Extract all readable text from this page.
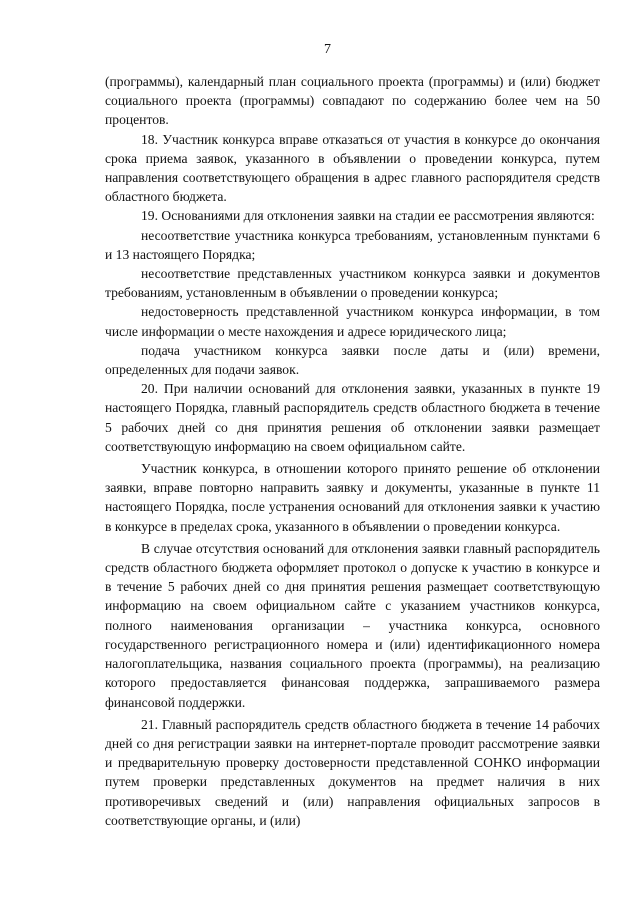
7

(программы), календарный план социального проекта (программы) и (или) бюджет социального проекта (программы) совпадают по содержанию более чем на 50 процентов.

18. Участник конкурса вправе отказаться от участия в конкурсе до окончания срока приема заявок, указанного в объявлении о проведении конкурса, путем направления соответствующего обращения в адрес главного распорядителя средств областного бюджета.

19. Основаниями для отклонения заявки на стадии ее рассмотрения являются:

несоответствие участника конкурса требованиям, установленным пунктами 6 и 13 настоящего Порядка;

несоответствие представленных участником конкурса заявки и документов требованиям, установленным в объявлении о проведении конкурса;

недостоверность представленной участником конкурса информации, в том числе информации о месте нахождения и адресе юридического лица;

подача участником конкурса заявки после даты и (или) времени, определенных для подачи заявок.

20. При наличии оснований для отклонения заявки, указанных в пункте 19 настоящего Порядка, главный распорядитель средств областного бюджета в течение 5 рабочих дней со дня принятия решения об отклонении заявки размещает соответствующую информацию на своем официальном сайте.

Участник конкурса, в отношении которого принято решение об отклонении заявки, вправе повторно направить заявку и документы, указанные в пункте 11 настоящего Порядка, после устранения оснований для отклонения заявки к участию в конкурсе в пределах срока, указанного в объявлении о проведении конкурса.

В случае отсутствия оснований для отклонения заявки главный распорядитель средств областного бюджета оформляет протокол о допуске к участию в конкурсе и в течение 5 рабочих дней со дня принятия решения размещает соответствующую информацию на своем официальном сайте с указанием участников конкурса, полного наименования организации – участника конкурса, основного государственного регистрационного номера и (или) идентификационного номера налогоплательщика, названия социального проекта (программы), на реализацию которого предоставляется финансовая поддержка, запрашиваемого размера финансовой поддержки.

21. Главный распорядитель средств областного бюджета в течение 14 рабочих дней со дня регистрации заявки на интернет-портале проводит рассмотрение заявки и предварительную проверку достоверности представленной СОНКО информации путем проверки представленных документов на предмет наличия в них противоречивых сведений и (или) направления официальных запросов в соответствующие органы, и (или)
